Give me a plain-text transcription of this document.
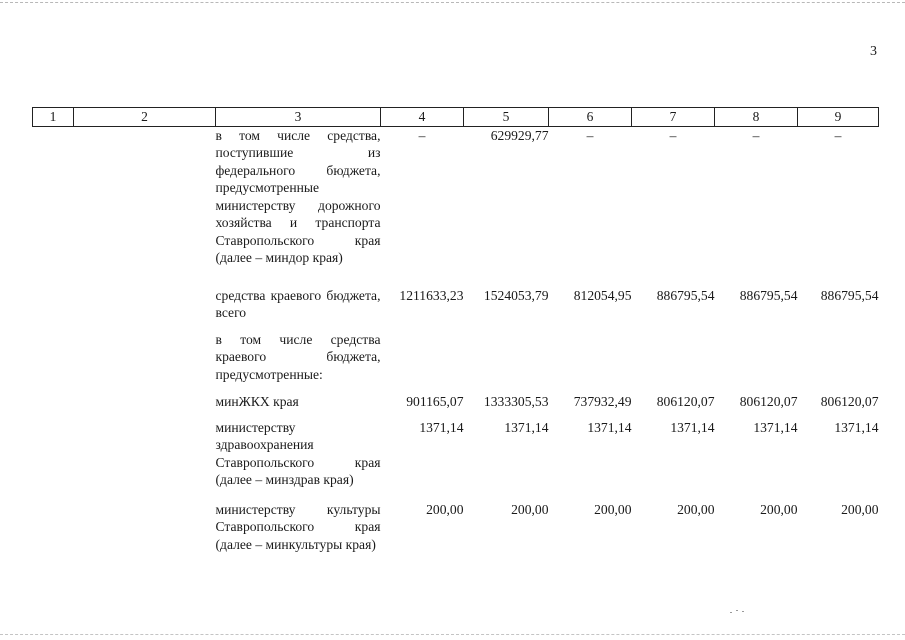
3
1	2	3	4	5	6	7	8	9
		в том числе средства, поступившие из федерального бюджета, предусмотренные министерству дорожного хозяйства и транспорта Ставропольского края (далее – миндор края)	–	629929,77	–	–	–	–
		средства краевого бюджета, всего	1211633,23	1524053,79	812054,95	886795,54	886795,54	886795,54
		в том числе средства краевого бюджета, предусмотренные:						
		минЖКХ края	901165,07	1333305,53	737932,49	806120,07	806120,07	806120,07
		министерству здравоохранения Ставропольского края (далее – минздрав края)	1371,14	1371,14	1371,14	1371,14	1371,14	1371,14
		министерству культуры Ставропольского края (далее – минкультуры края)	200,00	200,00	200,00	200,00	200,00	200,00
